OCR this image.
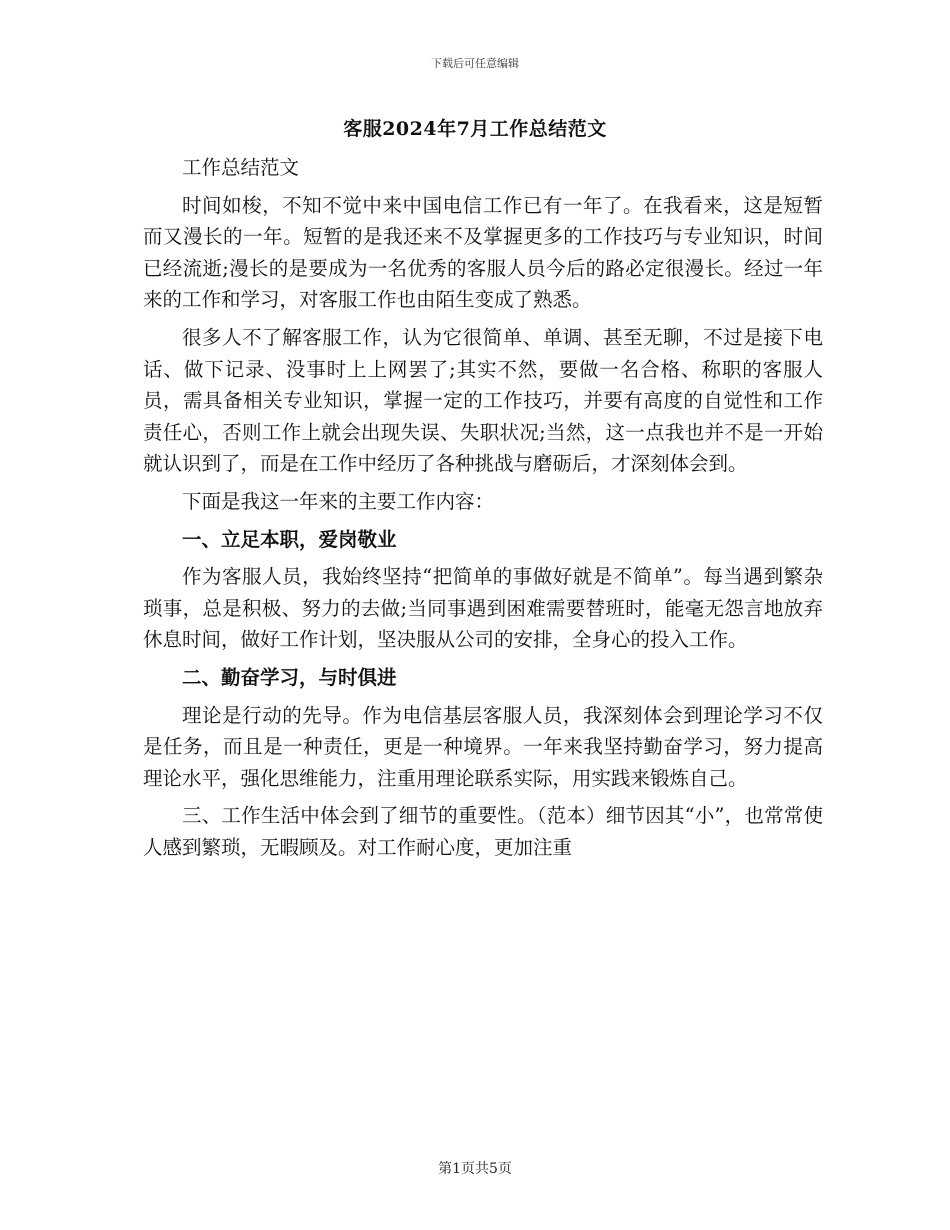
下载后可任意编辑
客服2024年7月工作总结范文

工作总结范文

时间如梭，不知不觉中来中国电信工作已有一年了。在我看来，这是短暂而又漫长的一年。短暂的是我还来不及掌握更多的工作技巧与专业知识，时间已经流逝;漫长的是要成为一名优秀的客服人员今后的路必定很漫长。经过一年来的工作和学习，对客服工作也由陌生变成了熟悉。

很多人不了解客服工作，认为它很简单、单调、甚至无聊，不过是接下电话、做下记录、没事时上上网罢了;其实不然，要做一名合格、称职的客服人员，需具备相关专业知识，掌握一定的工作技巧，并要有高度的自觉性和工作责任心，否则工作上就会出现失误、失职状况;当然，这一点我也并不是一开始就认识到了，而是在工作中经历了各种挑战与磨砺后，才深刻体会到。

下面是我这一年来的主要工作内容：

一、立足本职，爱岗敬业

作为客服人员，我始终坚持“把简单的事做好就是不简单”。每当遇到繁杂琐事，总是积极、努力的去做;当同事遇到困难需要替班时，能毫无怨言地放弃休息时间，做好工作计划，坚决服从公司的安排，全身心的投入工作。

二、勤奋学习，与时俱进

理论是行动的先导。作为电信基层客服人员，我深刻体会到理论学习不仅是任务，而且是一种责任，更是一种境界。一年来我坚持勤奋学习，努力提高理论水平，强化思维能力，注重用理论联系实际，用实践来锻炼自己。

三、工作生活中体会到了细节的重要性。（范本）细节因其“小”，也常常使人感到繁琐，无暇顾及。对工作耐心度，更加注重

第1页共5页
